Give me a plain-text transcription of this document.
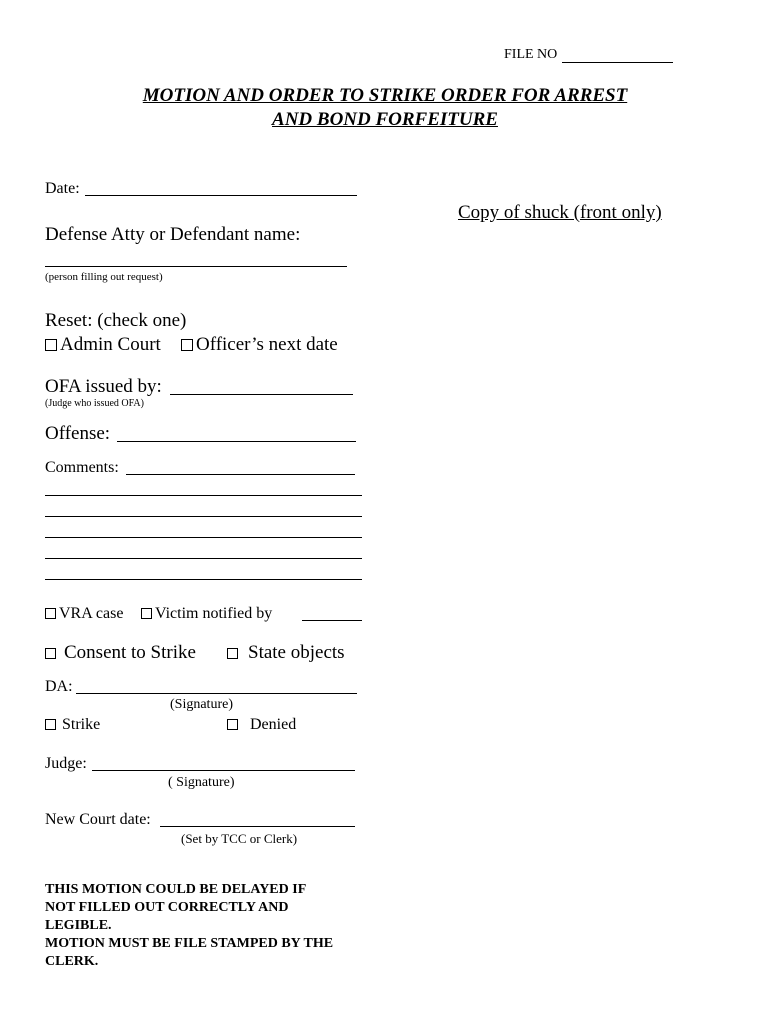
FILE NO
MOTION AND ORDER TO STRIKE ORDER FOR ARREST
AND BOND FORFEITURE
Date:
Copy of shuck (front only)
Defense Atty or Defendant name:
(person filling out request)
Reset: (check one)
Admin Court	Officer’s next date
OFA issued by:
(Judge who issued OFA)
Offense:
Comments:
VRA case	Victim notified by
Consent to Strike	State objects
DA:
(Signature)
Strike	Denied
Judge:
( Signature)
New Court date:
(Set by TCC or Clerk)
THIS MOTION COULD BE DELAYED IF
NOT FILLED OUT CORRECTLY AND
LEGIBLE.
MOTION MUST BE FILE STAMPED BY THE
CLERK.
